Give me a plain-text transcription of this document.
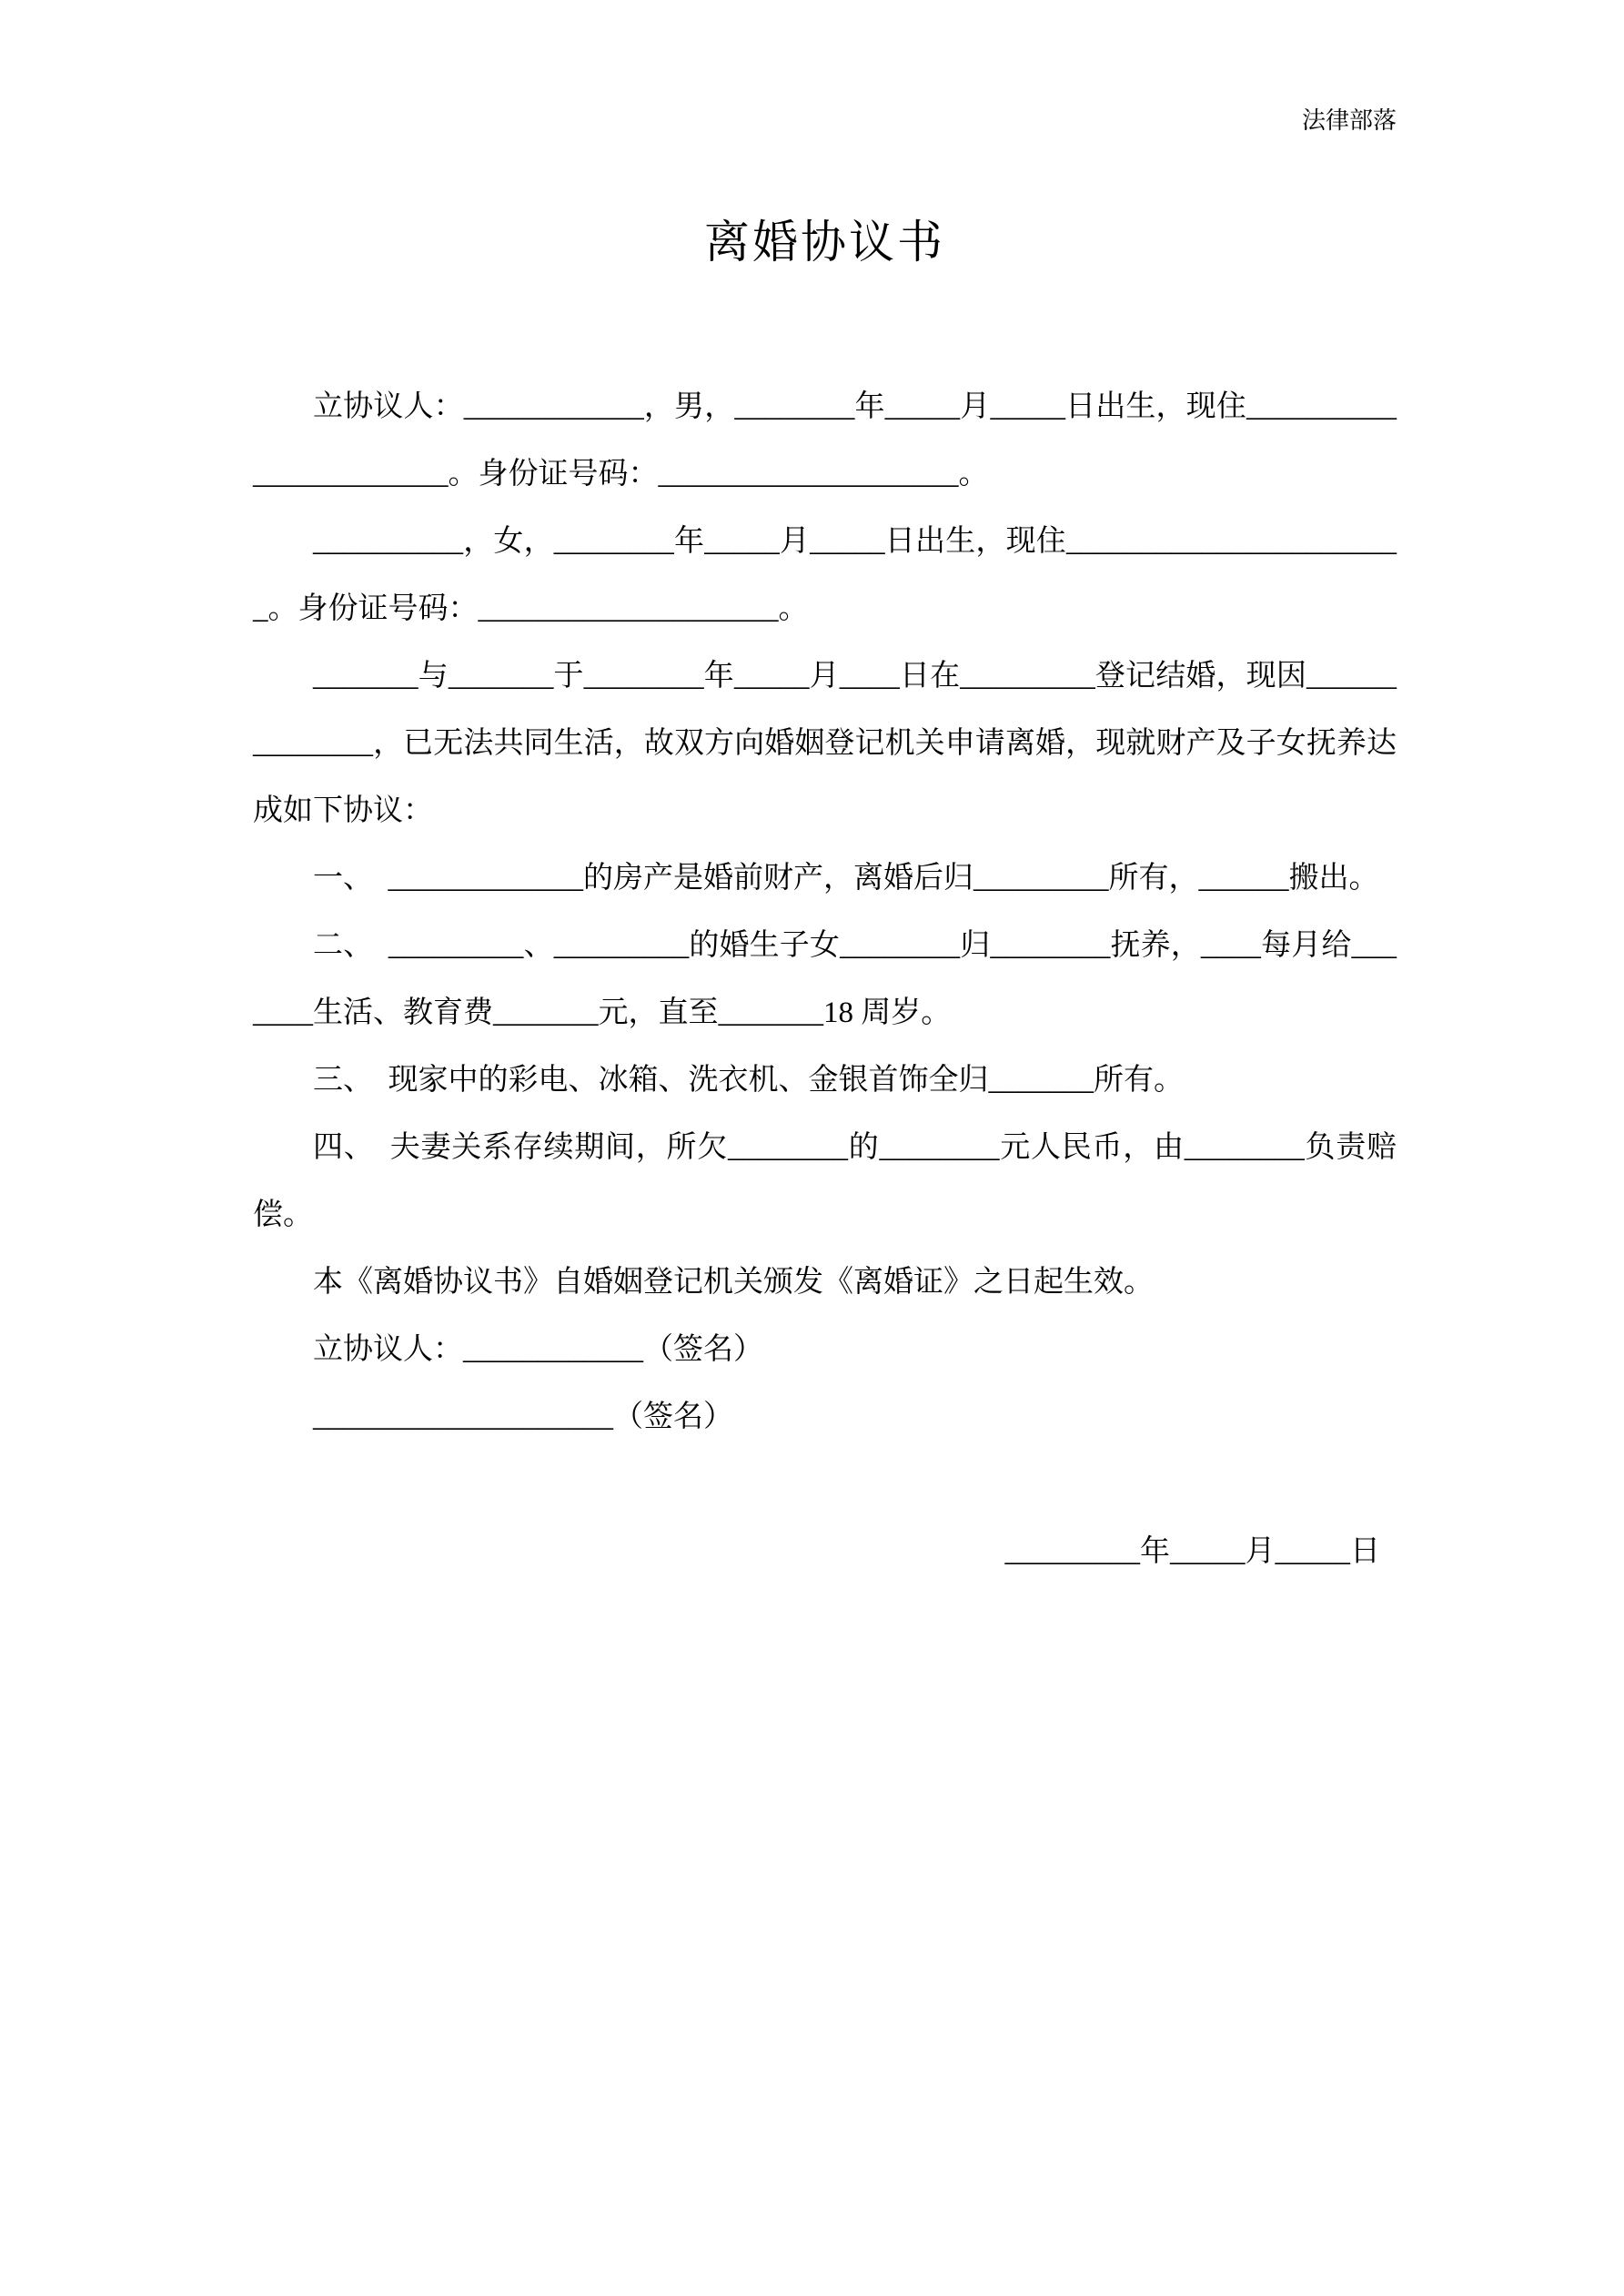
法律部落
离婚协议书

立协议人：____________，男，________年_____月_____日出生，现住_______________________。身份证号码：____________________。

__________，女，________年_____月_____日出生，现住_______________________。身份证号码：____________________。

_______与_______于________年_____月____日在_________登记结婚，现因______________，已无法共同生活，故双方向婚姻登记机关申请离婚，现就财产及子女抚养达成如下协议：

一、　_____________的房产是婚前财产，离婚后归_________所有，______搬出。

二、　_________、_________的婚生子女________归________抚养，____每月给_______生活、教育费_______元，直至_______18 周岁。

三、　现家中的彩电、冰箱、洗衣机、金银首饰全归_______所有。

四、　夫妻关系存续期间，所欠________的________元人民币，由________负责赔偿。

本《离婚协议书》自婚姻登记机关颁发《离婚证》之日起生效。

立协议人：____________（签名）

____________________（签名）

_________年_____月_____日
